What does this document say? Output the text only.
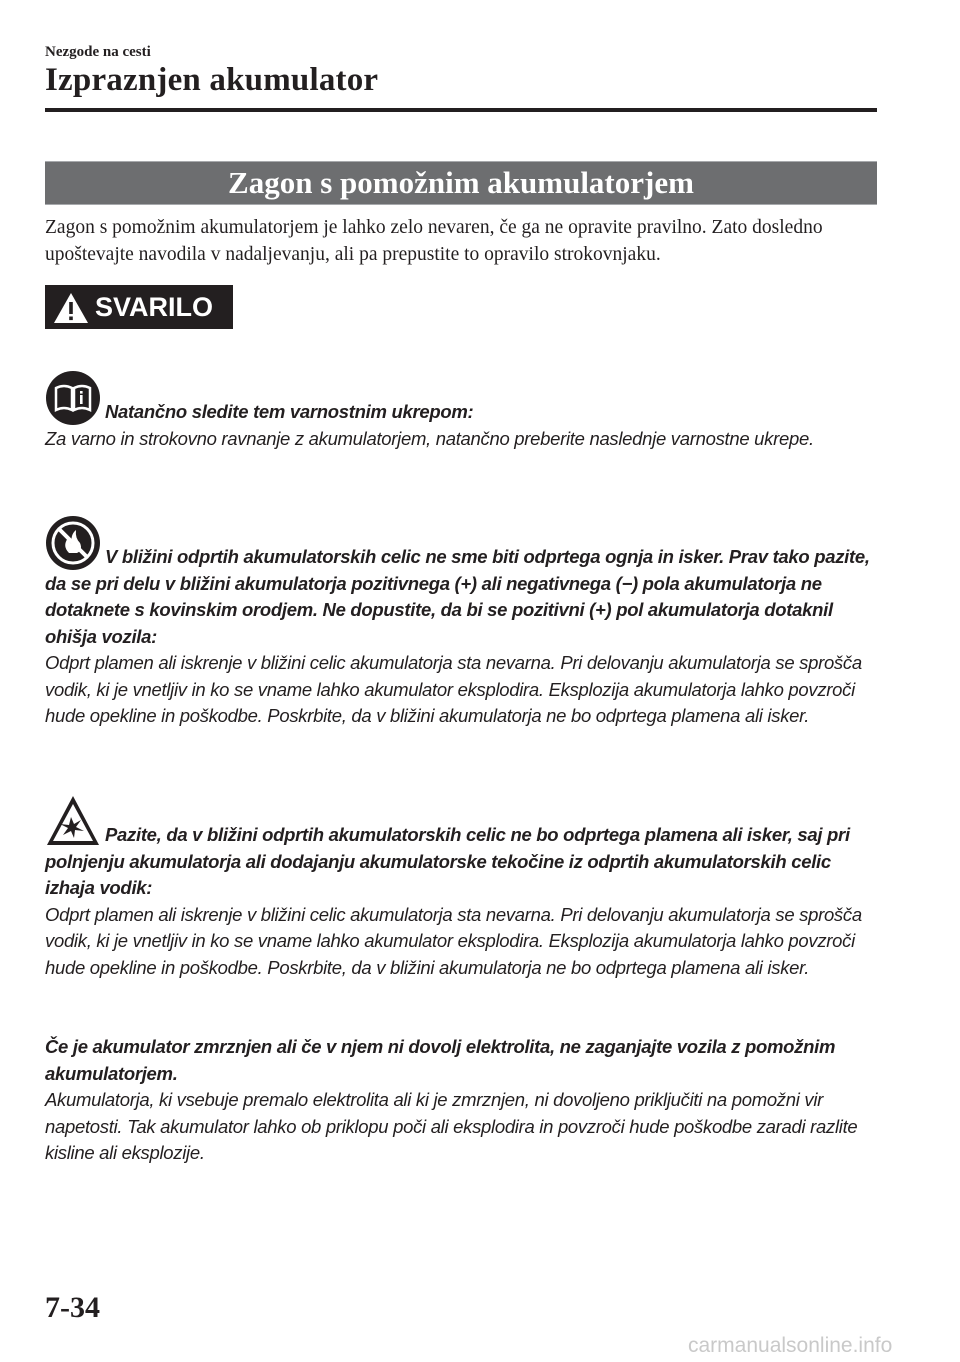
Nezgode na cesti
Izpraznjen akumulator
Zagon s pomožnim akumulatorjem
Zagon s pomožnim akumulatorjem je lahko zelo nevaren, če ga ne opravite pravilno. Zato dosledno upoštevajte navodila v nadaljevanju, ali pa prepustite to opravilo strokovnjaku.
SVARILO
Natančno sledite tem varnostnim ukrepom:
Za varno in strokovno ravnanje z akumulatorjem, natančno preberite naslednje varnostne ukrepe.
V bližini odprtih akumulatorskih celic ne sme biti odprtega ognja in isker. Prav tako pazite, da se pri delu v bližini akumulatorja pozitivnega (+) ali negativnega (−) pola akumulatorja ne dotaknete s kovinskim orodjem. Ne dopustite, da bi se pozitivni (+) pol akumulatorja dotaknil ohišja vozila:
Odprt plamen ali iskrenje v bližini celic akumulatorja sta nevarna. Pri delovanju akumulatorja se sprošča vodik, ki je vnetljiv in ko se vname lahko akumulator eksplodira. Eksplozija akumulatorja lahko povzroči hude opekline in poškodbe. Poskrbite, da v bližini akumulatorja ne bo odprtega plamena ali isker.
Pazite, da v bližini odprtih akumulatorskih celic ne bo odprtega plamena ali isker, saj pri polnjenju akumulatorja ali dodajanju akumulatorske tekočine iz odprtih akumulatorskih celic izhaja vodik:
Odprt plamen ali iskrenje v bližini celic akumulatorja sta nevarna. Pri delovanju akumulatorja se sprošča vodik, ki je vnetljiv in ko se vname lahko akumulator eksplodira. Eksplozija akumulatorja lahko povzroči hude opekline in poškodbe. Poskrbite, da v bližini akumulatorja ne bo odprtega plamena ali isker.
Če je akumulator zmrznjen ali če v njem ni dovolj elektrolita, ne zaganjajte vozila z pomožnim akumulatorjem.
Akumulatorja, ki vsebuje premalo elektrolita ali ki je zmrznjen, ni dovoljeno priključiti na pomožni vir napetosti. Tak akumulator lahko ob priklopu poči ali eksplodira in povzroči hude poškodbe zaradi razlite kisline ali eksplozije.
7-34
carmanualsonline.info
